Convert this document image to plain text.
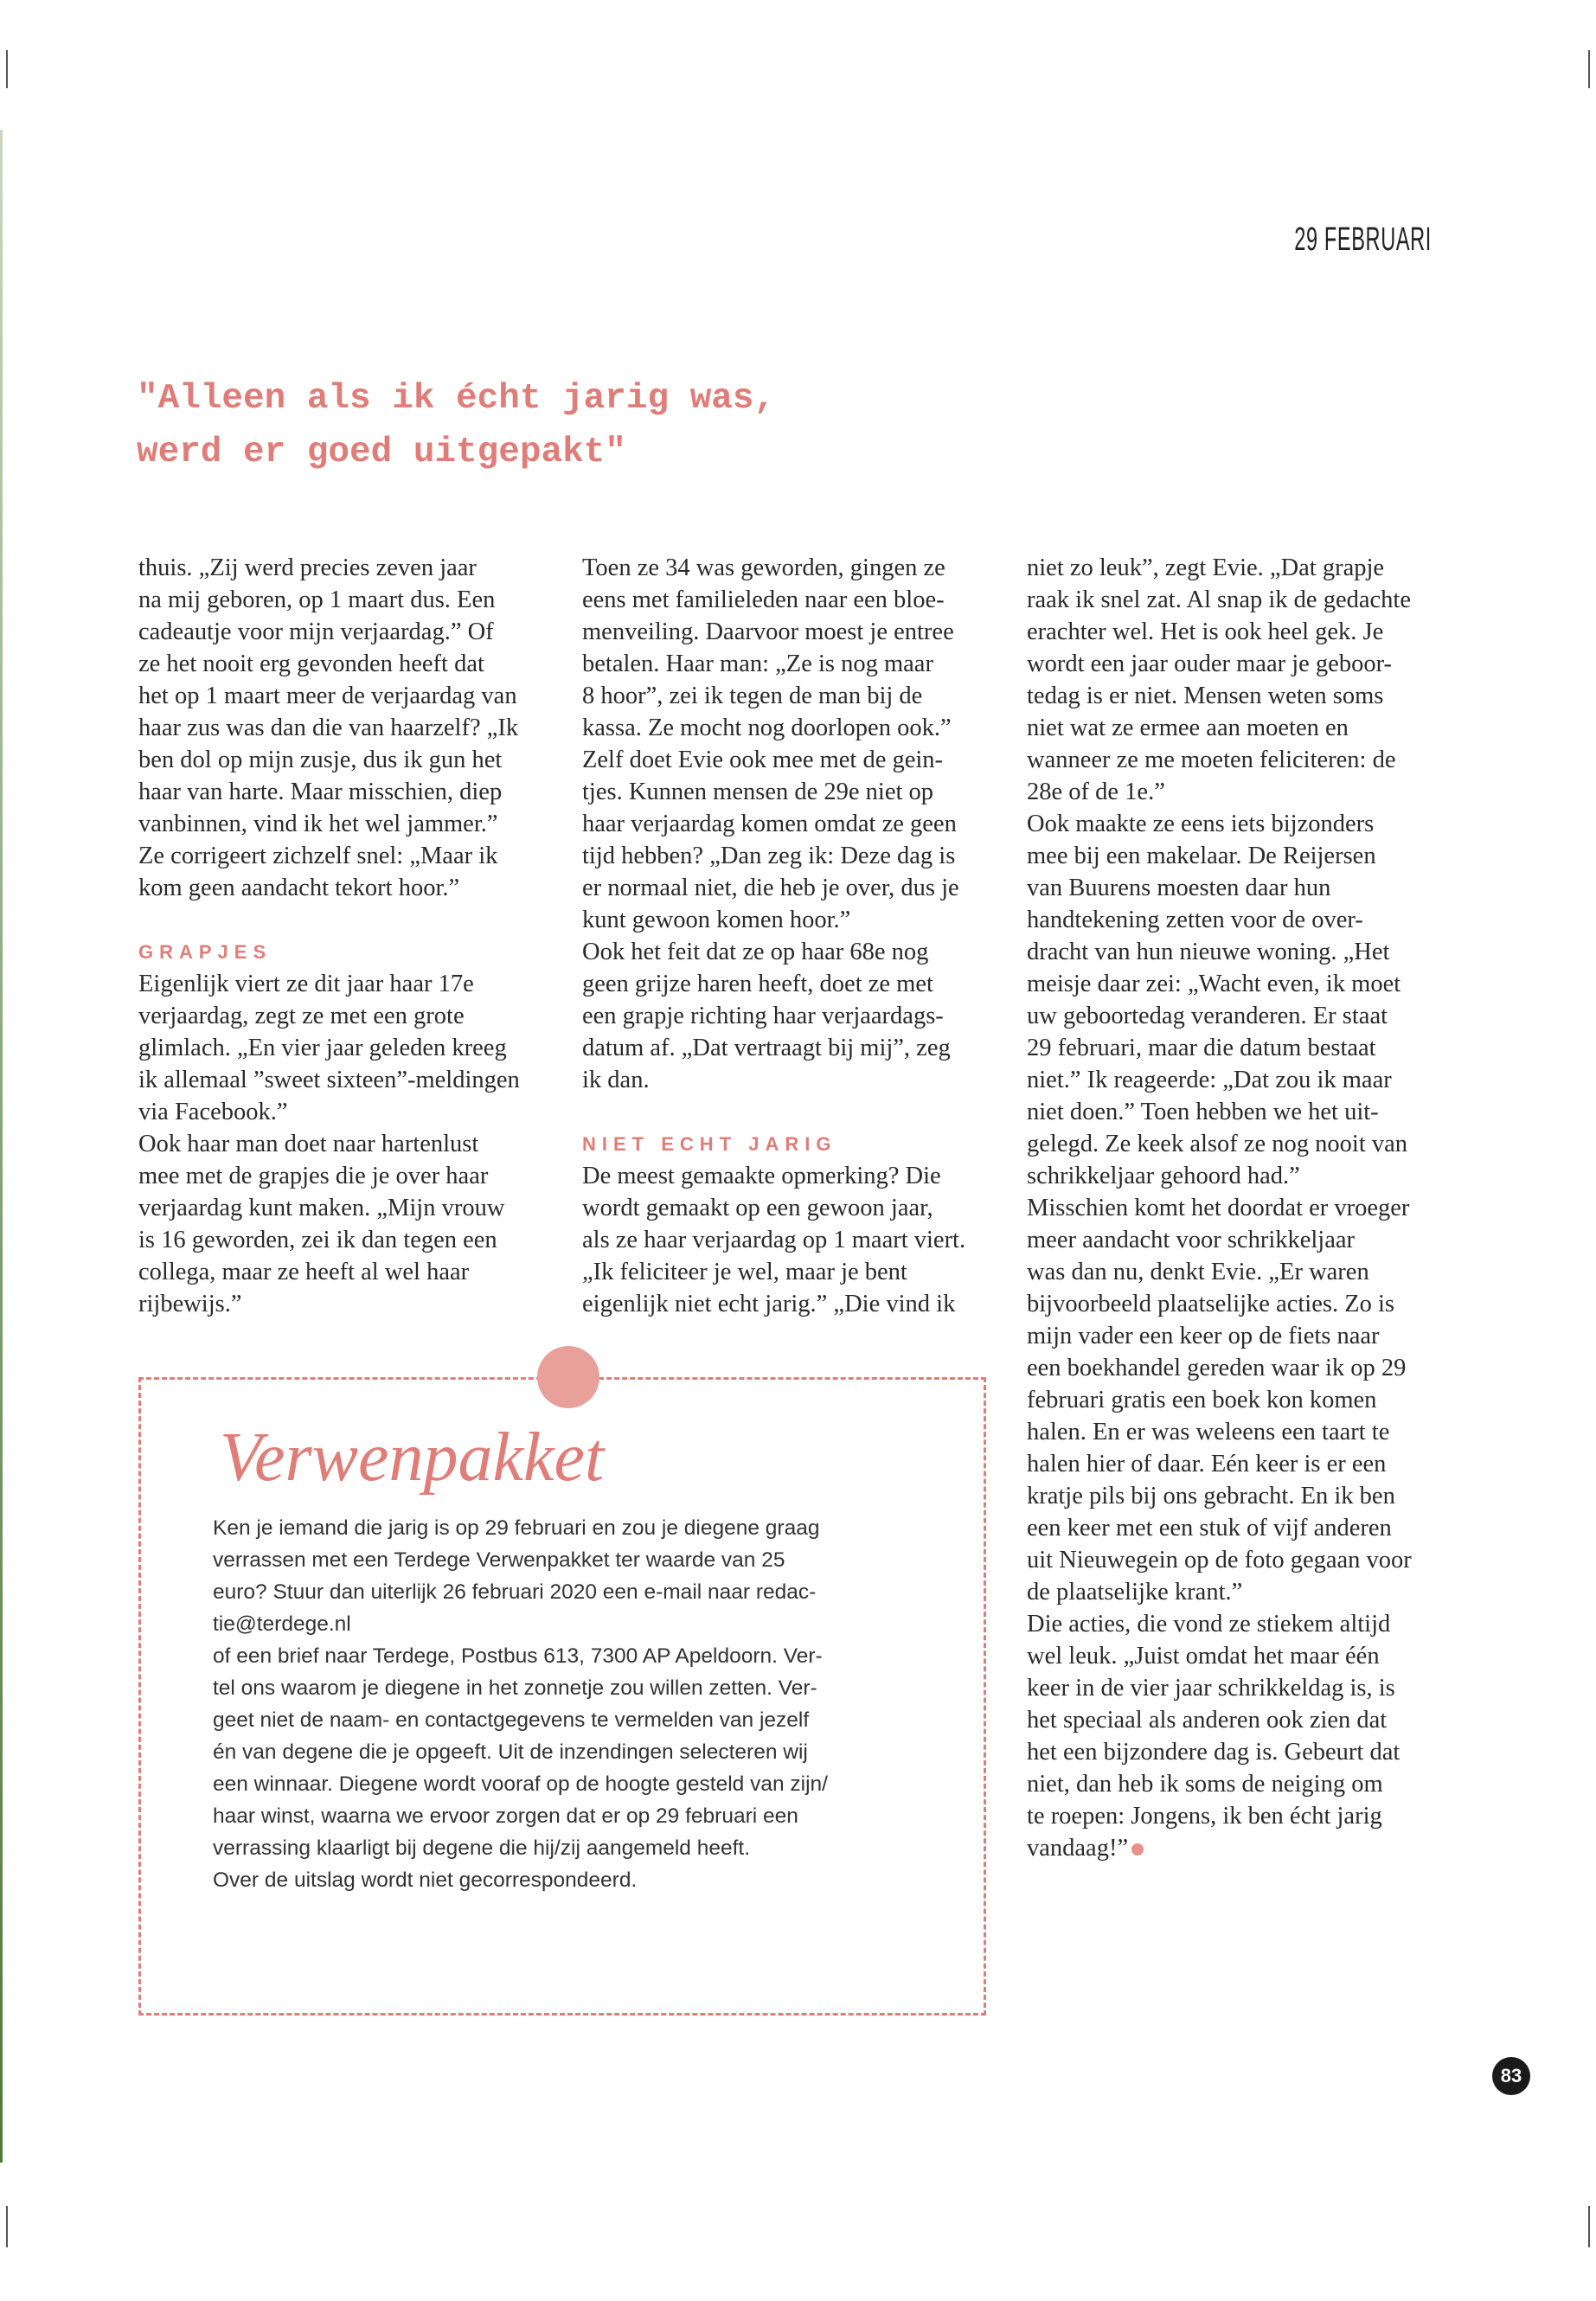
29 FEBRUARI
"Alleen als ik écht jarig was,
werd er goed uitgepakt"
thuis. „Zij werd precies zeven jaar
na mij geboren, op 1 maart dus. Een
cadeautje voor mijn verjaardag.” Of
ze het nooit erg gevonden heeft dat
het op 1 maart meer de verjaardag van
haar zus was dan die van haarzelf? „Ik
ben dol op mijn zusje, dus ik gun het
haar van harte. Maar misschien, diep
vanbinnen, vind ik het wel jammer.”
Ze corrigeert zichzelf snel: „Maar ik
kom geen aandacht tekort hoor.”
GRAPJES
Eigenlijk viert ze dit jaar haar 17e
verjaardag, zegt ze met een grote
glimlach. „En vier jaar geleden kreeg
ik allemaal ”sweet sixteen”-meldingen
via Facebook.”
Ook haar man doet naar hartenlust
mee met de grapjes die je over haar
verjaardag kunt maken. „Mijn vrouw
is 16 geworden, zei ik dan tegen een
collega, maar ze heeft al wel haar
rijbewijs.”
Toen ze 34 was geworden, gingen ze
eens met familieleden naar een bloe-
menveiling. Daarvoor moest je entree
betalen. Haar man: „Ze is nog maar
8 hoor”, zei ik tegen de man bij de
kassa. Ze mocht nog doorlopen ook.”
Zelf doet Evie ook mee met de gein-
tjes. Kunnen mensen de 29e niet op
haar verjaardag komen omdat ze geen
tijd hebben? „Dan zeg ik: Deze dag is
er normaal niet, die heb je over, dus je
kunt gewoon komen hoor.”
Ook het feit dat ze op haar 68e nog
geen grijze haren heeft, doet ze met
een grapje richting haar verjaardags-
datum af. „Dat vertraagt bij mij”, zeg
ik dan.
NIET ECHT JARIG
De meest gemaakte opmerking? Die
wordt gemaakt op een gewoon jaar,
als ze haar verjaardag op 1 maart viert.
„Ik feliciteer je wel, maar je bent
eigenlijk niet echt jarig.” „Die vind ik
niet zo leuk”, zegt Evie. „Dat grapje
raak ik snel zat. Al snap ik de gedachte
erachter wel. Het is ook heel gek. Je
wordt een jaar ouder maar je geboor-
tedag is er niet. Mensen weten soms
niet wat ze ermee aan moeten en
wanneer ze me moeten feliciteren: de
28e of de 1e.”
Ook maakte ze eens iets bijzonders
mee bij een makelaar. De Reijersen
van Buurens moesten daar hun
handtekening zetten voor de over-
dracht van hun nieuwe woning. „Het
meisje daar zei: „Wacht even, ik moet
uw geboortedag veranderen. Er staat
29 februari, maar die datum bestaat
niet.” Ik reageerde: „Dat zou ik maar
niet doen.” Toen hebben we het uit-
gelegd. Ze keek alsof ze nog nooit van
schrikkeljaar gehoord had.”
Misschien komt het doordat er vroeger
meer aandacht voor schrikkeljaar
was dan nu, denkt Evie. „Er waren
bijvoorbeeld plaatselijke acties. Zo is
mijn vader een keer op de fiets naar
een boekhandel gereden waar ik op 29
februari gratis een boek kon komen
halen. En er was weleens een taart te
halen hier of daar. Eén keer is er een
kratje pils bij ons gebracht. En ik ben
een keer met een stuk of vijf anderen
uit Nieuwegein op de foto gegaan voor
de plaatselijke krant.”
Die acties, die vond ze stiekem altijd
wel leuk. „Juist omdat het maar één
keer in de vier jaar schrikkeldag is, is
het speciaal als anderen ook zien dat
het een bijzondere dag is. Gebeurt dat
niet, dan heb ik soms de neiging om
te roepen: Jongens, ik ben écht jarig
vandaag!”
Verwenpakket
Ken je iemand die jarig is op 29 februari en zou je diegene graag
verrassen met een Terdege Verwenpakket ter waarde van 25
euro? Stuur dan uiterlijk 26 februari 2020 een e-mail naar redac-
tie@terdege.nl
of een brief naar Terdege, Postbus 613, 7300 AP Apeldoorn. Ver-
tel ons waarom je diegene in het zonnetje zou willen zetten. Ver-
geet niet de naam- en contactgegevens te vermelden van jezelf
én van degene die je opgeeft. Uit de inzendingen selecteren wij
een winnaar. Diegene wordt vooraf op de hoogte gesteld van zijn/
haar winst, waarna we ervoor zorgen dat er op 29 februari een
verrassing klaarligt bij degene die hij/zij aangemeld heeft.
Over de uitslag wordt niet gecorrespondeerd.
83
